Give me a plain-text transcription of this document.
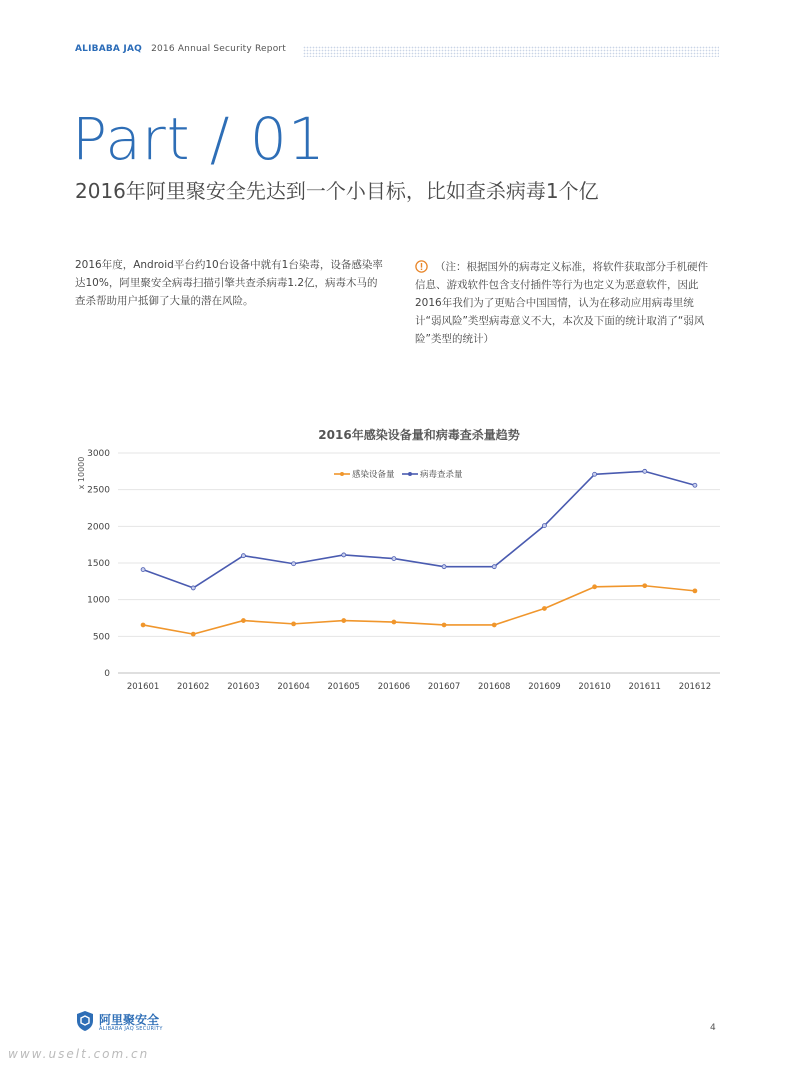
ALIBABA JAQ 2016 Annual Security Report
Part / 01
2016年阿里聚安全先达到一个小目标，比如查杀病毒1个亿
2016年度，Android平台约10台设备中就有1台染毒，设备感染率达10%，阿里聚安全病毒扫描引擎共查杀病毒1.2亿，病毒木马的查杀帮助用户抵御了大量的潜在风险。
（注：根据国外的病毒定义标准，将软件获取部分手机硬件信息、游戏软件包含支付插件等行为也定义为恶意软件，因此2016年我们为了更贴合中国国情，认为在移动应用病毒里统计“弱风险”类型病毒意义不大，本次及下面的统计取消了“弱风险”类型的统计）
2016年感染设备量和病毒查杀量趋势
x 10000
0
500
1000
1500
2000
2500
3000
201601 201602 201603 201604 201605 201606 201607 201608 201609 201610 201611 201612
感染设备量	病毒查杀量
阿里聚安全
ALIBABA JAQ SECURITY	4
www.uselt.com.cn
